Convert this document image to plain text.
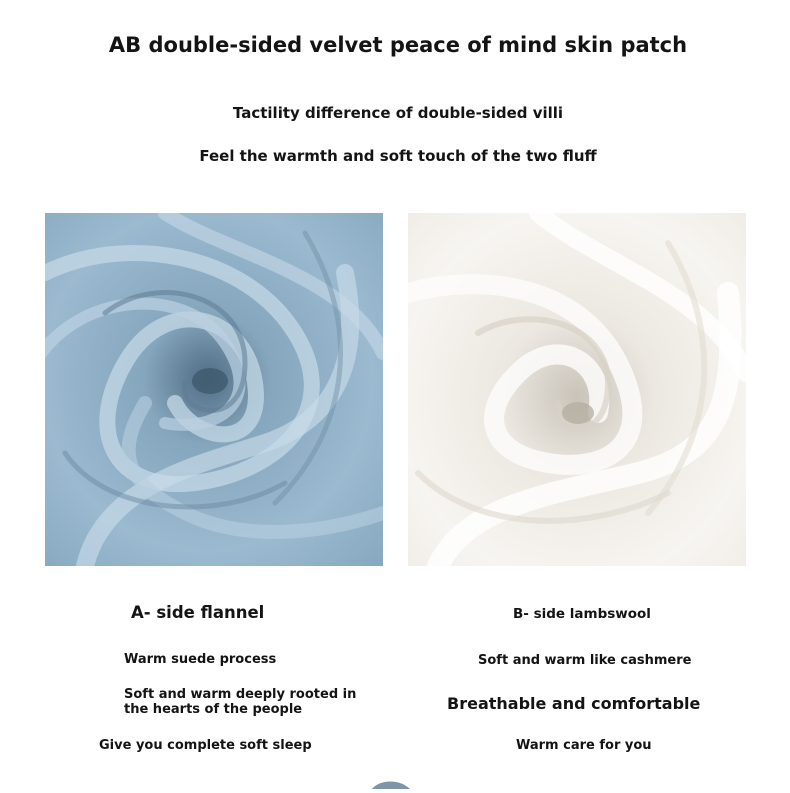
AB double-sided velvet peace of mind skin patch
Tactility difference of double-sided villi
Feel the warmth and soft touch of the two fluff
A- side flannel
Warm suede process
Soft and warm deeply rooted in the hearts of the people
Give you complete soft sleep
B- side lambswool
Soft and warm like cashmere
Breathable and comfortable
Warm care for you
